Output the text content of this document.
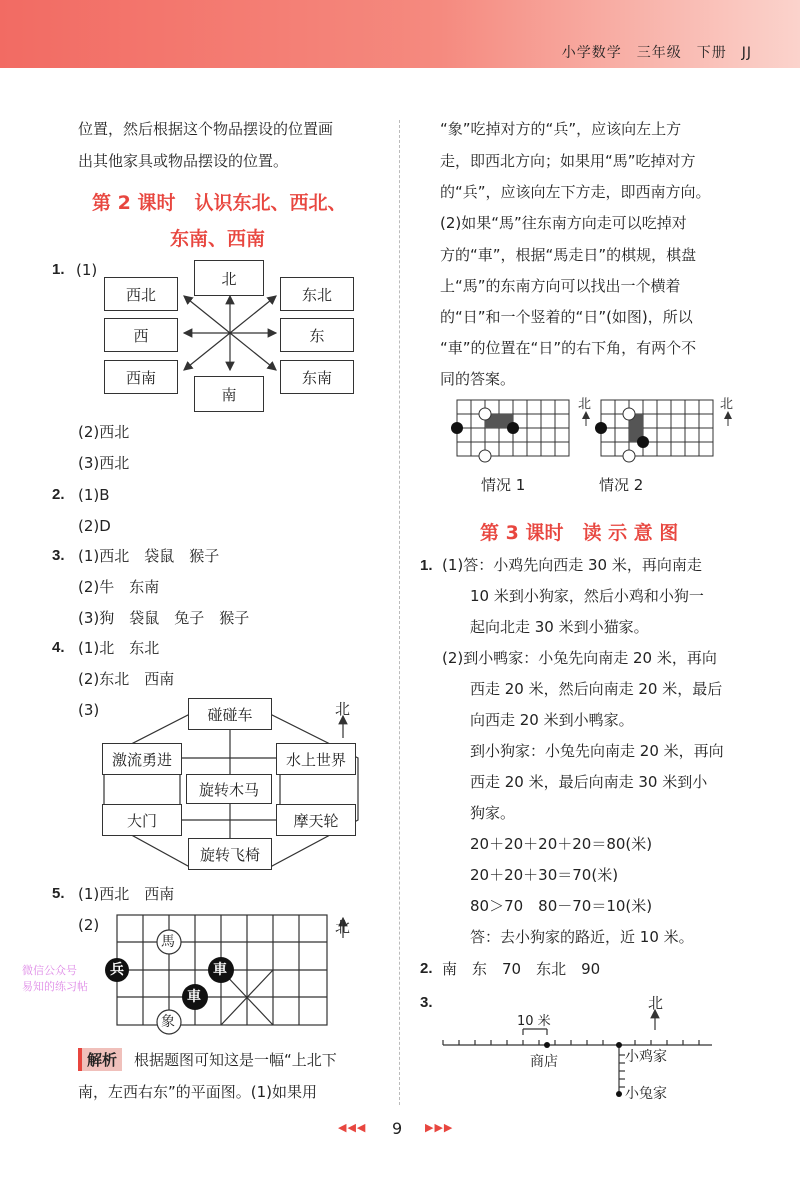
小学数学　三年级　下册　JJ
位置，然后根据这个物品摆设的位置画
出其他家具或物品摆设的位置。
第 2 课时　认识东北、西北、
东南、西南
1. (1)	北
西北	东北
西	东
西南
南
东南
(2)西北
(3)西北
2. (1)B
(2)D
3. (1)西北　袋鼠　猴子
(2)牛　东南
(3)狗　袋鼠　兔子　猴子
4. (1)北　东北
(2)东北　西南
(3)	北
碰碰车
激流勇进	水上世界
旋转木马
大门	摩天轮
旋转飞椅
5. (1)西北　西南
(2)	北
馬
兵	車
車
象
微信公众号
易知的练习帖
解析	根据题图可知这是一幅“上北下
南，左西右东”的平面图。(1)如果用
“象”吃掉对方的“兵”，应该向左上方
走，即西北方向；如果用“馬”吃掉对方
的“兵”，应该向左下方走，即西南方向。
(2)如果“馬”往东南方向走可以吃掉对
方的“車”，根据“馬走日”的棋规，棋盘
上“馬”的东南方向可以找出一个横着
的“日”和一个竖着的“日”(如图)，所以
“車”的位置在“日”的右下角，有两个不
同的答案。
北	北
情况 1	情况 2
第 3 课时　读 示 意 图
1. (1)答：小鸡先向西走 30 米，再向南走
10 米到小狗家，然后小鸡和小狗一
起向北走 30 米到小猫家。
(2)到小鸭家：小兔先向南走 20 米，再向
西走 20 米，然后向南走 20 米，最后
向西走 20 米到小鸭家。
到小狗家：小兔先向南走 20 米，再向
西走 20 米，最后向南走 30 米到小
狗家。
20＋20＋20＋20＝80(米)
20＋20＋30＝70(米)
80＞70　80－70＝10(米)
答：去小狗家的路近，近 10 米。
2. 南　东　70　东北　90
3.	北
10 米
商店	小鸡家
小兔家
◀◀◀ 9 ▶▶▶
